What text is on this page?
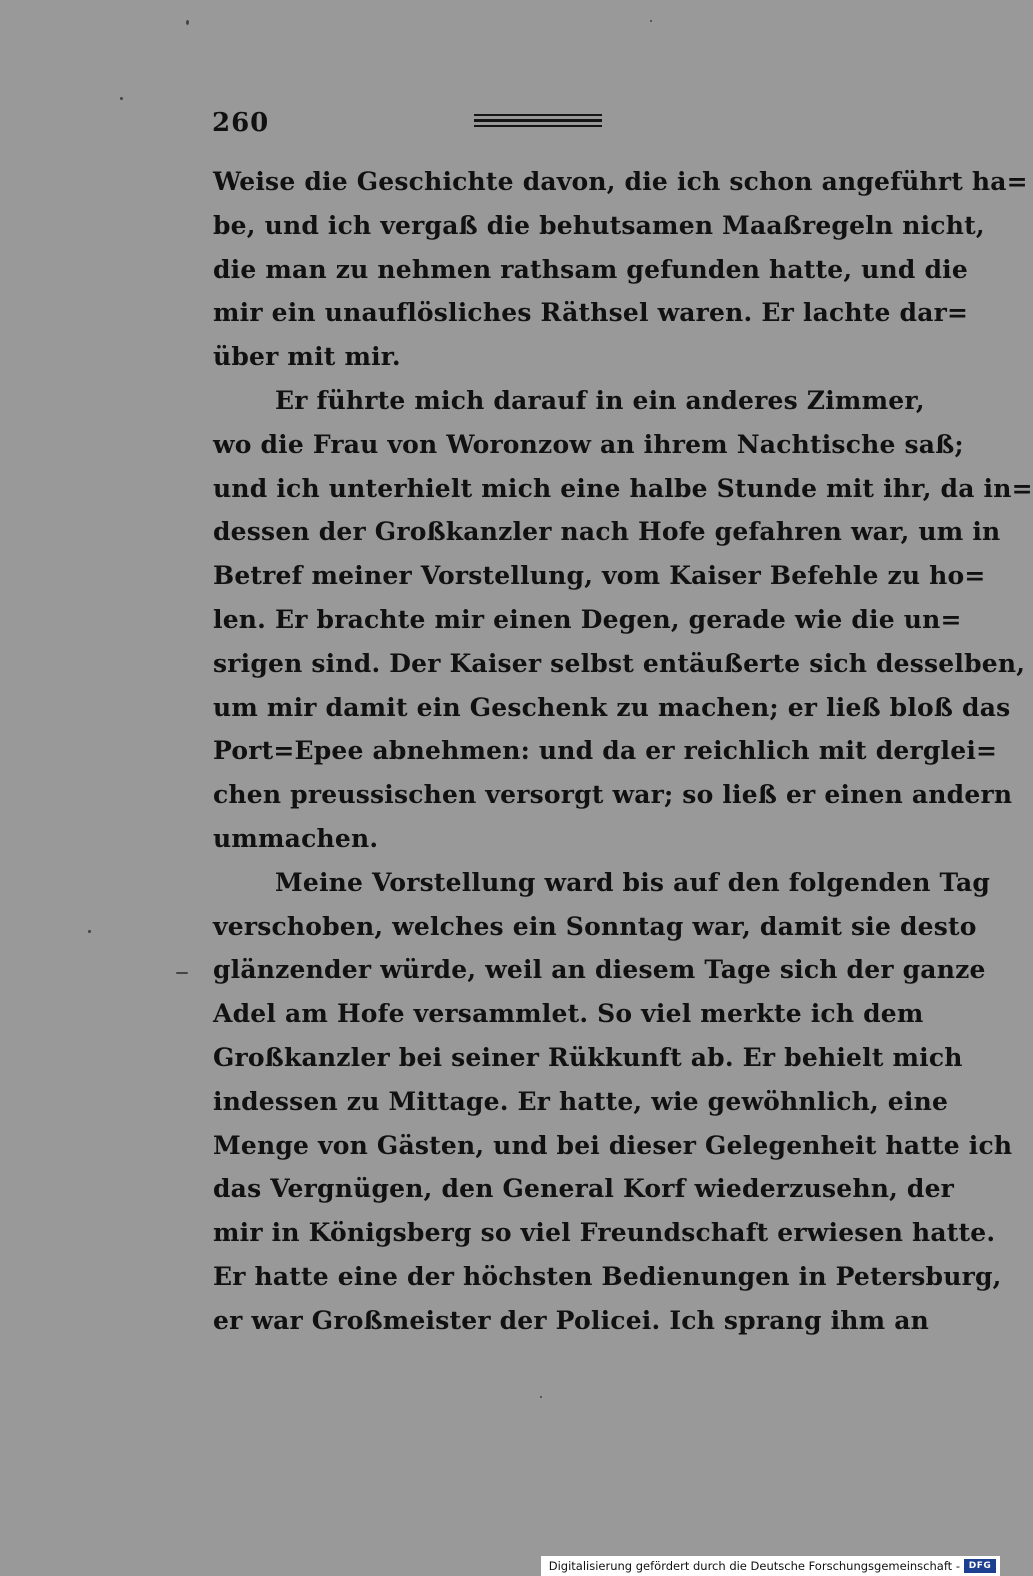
260
Weise die Geschichte davon, die ich schon angeführt ha=
be, und ich vergaß die behutsamen Maaßregeln nicht,
die man zu nehmen rathsam gefunden hatte, und die
mir ein unauflösliches Räthsel waren. Er lachte dar=
über mit mir.
Er führte mich darauf in ein anderes Zimmer,
wo die Frau von Woronzow an ihrem Nachtische saß;
und ich unterhielt mich eine halbe Stunde mit ihr, da in=
dessen der Großkanzler nach Hofe gefahren war, um in
Betref meiner Vorstellung, vom Kaiser Befehle zu ho=
len. Er brachte mir einen Degen, gerade wie die un=
srigen sind. Der Kaiser selbst entäußerte sich desselben,
um mir damit ein Geschenk zu machen; er ließ bloß das
Port=Epee abnehmen: und da er reichlich mit derglei=
chen preussischen versorgt war; so ließ er einen andern
ummachen.
Meine Vorstellung ward bis auf den folgenden Tag
verschoben, welches ein Sonntag war, damit sie desto
glänzender würde, weil an diesem Tage sich der ganze
Adel am Hofe versammlet. So viel merkte ich dem
Großkanzler bei seiner Rükkunft ab. Er behielt mich
indessen zu Mittage. Er hatte, wie gewöhnlich, eine
Menge von Gästen, und bei dieser Gelegenheit hatte ich
das Vergnügen, den General Korf wiederzusehn, der
mir in Königsberg so viel Freundschaft erwiesen hatte.
Er hatte eine der höchsten Bedienungen in Petersburg,
er war Großmeister der Policei. Ich sprang ihm an
Digitalisierung gefördert durch die Deutsche Forschungsgemeinschaft - DFG
